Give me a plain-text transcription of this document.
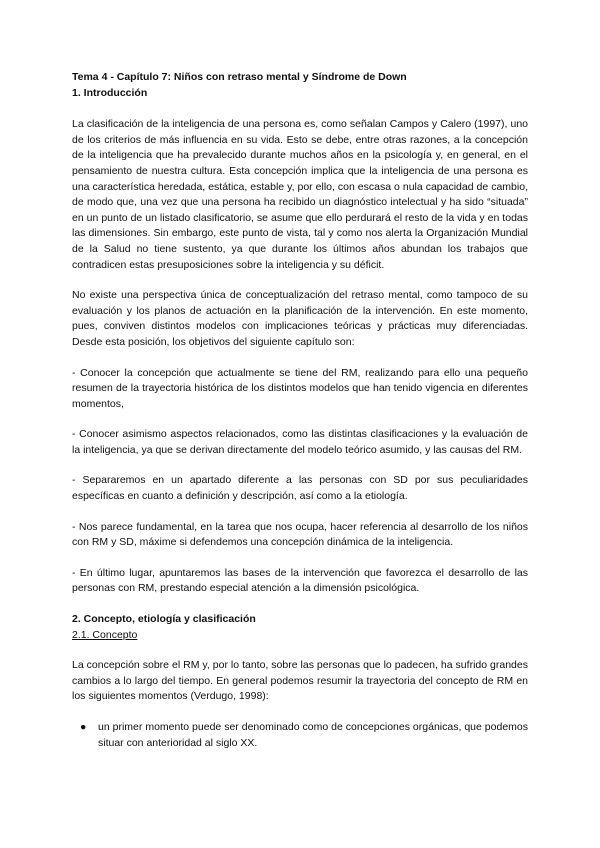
Tema 4 - Capítulo 7: Niños con retraso mental y Síndrome de Down
1. Introducción

La clasificación de la inteligencia de una persona es, como señalan Campos y Calero (1997), uno de los criterios de más influencia en su vida. Esto se debe, entre otras razones, a la concepción de la inteligencia que ha prevalecido durante muchos años en la psicología y, en general, en el pensamiento de nuestra cultura. Esta concepción implica que la inteligencia de una persona es una característica heredada, estática, estable y, por ello, con escasa o nula capacidad de cambio, de modo que, una vez que una persona ha recibido un diagnóstico intelectual y ha sido “situada” en un punto de un listado clasificatorio, se asume que ello perdurará el resto de la vida y en todas las dimensiones. Sin embargo, este punto de vista, tal y como nos alerta la Organización Mundial de la Salud no tiene sustento, ya que durante los últimos años abundan los trabajos que contradicen estas presuposiciones sobre la inteligencia y su déficit.

No existe una perspectiva única de conceptualización del retraso mental, como tampoco de su evaluación y los planos de actuación en la planificación de la intervención. En este momento, pues, conviven distintos modelos con implicaciones teóricas y prácticas muy diferenciadas. Desde esta posición, los objetivos del siguiente capítulo son:

- Conocer la concepción que actualmente se tiene del RM, realizando para ello una pequeño resumen de la trayectoria histórica de los distintos modelos que han tenido vigencia en diferentes momentos,

- Conocer asimismo aspectos relacionados, como las distintas clasificaciones y la evaluación de la inteligencia, ya que se derivan directamente del modelo teórico asumido, y las causas del RM.

- Separaremos en un apartado diferente a las personas con SD por sus peculiaridades específicas en cuanto a definición y descripción, así como a la etiología.

- Nos parece fundamental, en la tarea que nos ocupa, hacer referencia al desarrollo de los niños con RM y SD, máxime si defendemos una concepción dinámica de la inteligencia.

- En último lugar, apuntaremos las bases de la intervención que favorezca el desarrollo de las personas con RM, prestando especial atención a la dimensión psicológica.

2. Concepto, etiología y clasificación
2.1. Concepto

La concepción sobre el RM y, por lo tanto, sobre las personas que lo padecen, ha sufrido grandes cambios a lo largo del tiempo. En general podemos resumir la trayectoria del concepto de RM en los siguientes momentos (Verdugo, 1998):

● un primer momento puede ser denominado como de concepciones orgánicas, que podemos situar con anterioridad al siglo XX.
